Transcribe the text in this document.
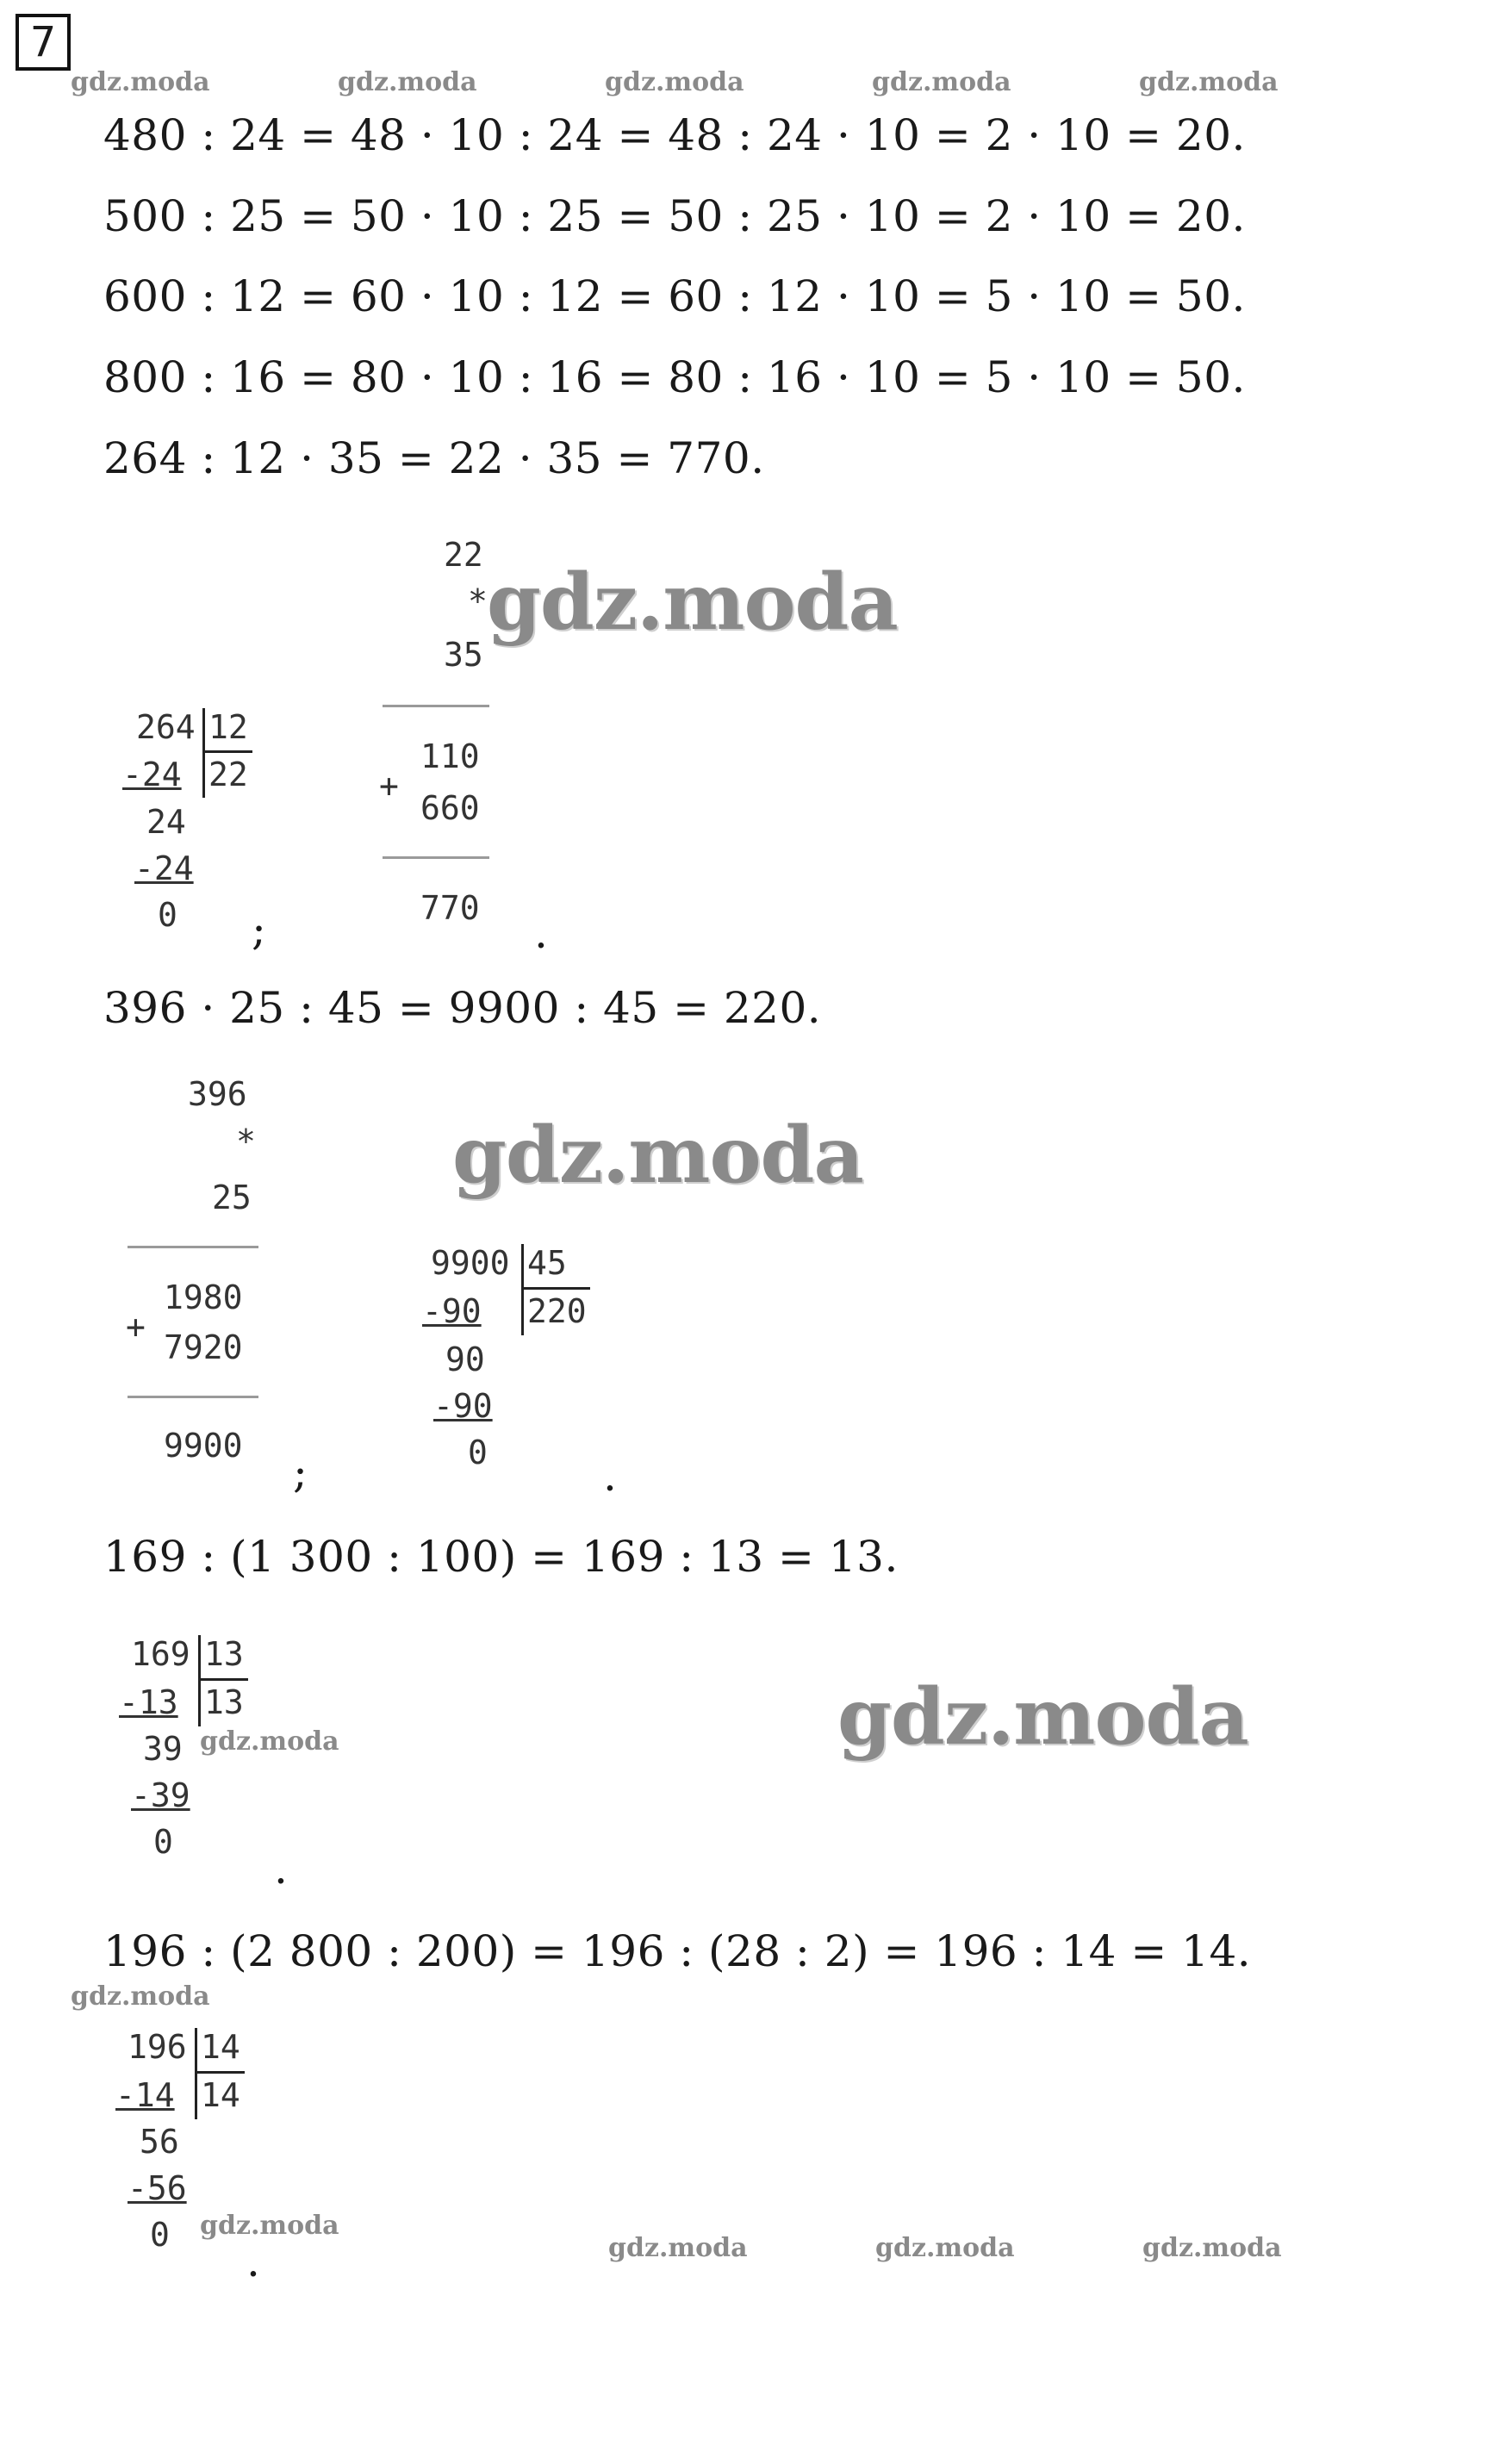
7
gdz.moda	gdz.moda	gdz.moda	gdz.moda	gdz.moda
480 : 24 = 48 · 10 : 24 = 48 : 24 · 10 = 2 · 10 = 20.
500 : 25 = 50 · 10 : 25 = 50 : 25 · 10 = 2 · 10 = 20.
600 : 12 = 60 · 10 : 12 = 60 : 12 · 10 = 5 · 10 = 50.
800 : 16 = 80 · 10 : 16 = 80 : 16 · 10 = 5 · 10 = 50.
264 : 12 · 35 = 22 · 35 = 770.
22
*
35
gdz.moda
+
110
660
770 .
264 12
22
-24
24
-24
0 ;
396 · 25 : 45 = 9900 : 45 = 220.
396
*
25
+
1980
7920
9900
;
gdz.moda
9900 45
220
-90
90
-90
0	.
169 : (1 300 : 100) = 169 : 13 = 13.
169 13
13
-13
39
-39
0
gdz.moda
.
gdz.moda
196 : (2 800 : 200) = 196 : (28 : 2) = 196 : 14 = 14.
gdz.moda
196 14
14
-14
56
-56
0 gdz.moda
.	gdz.moda	gdz.moda	gdz.moda
